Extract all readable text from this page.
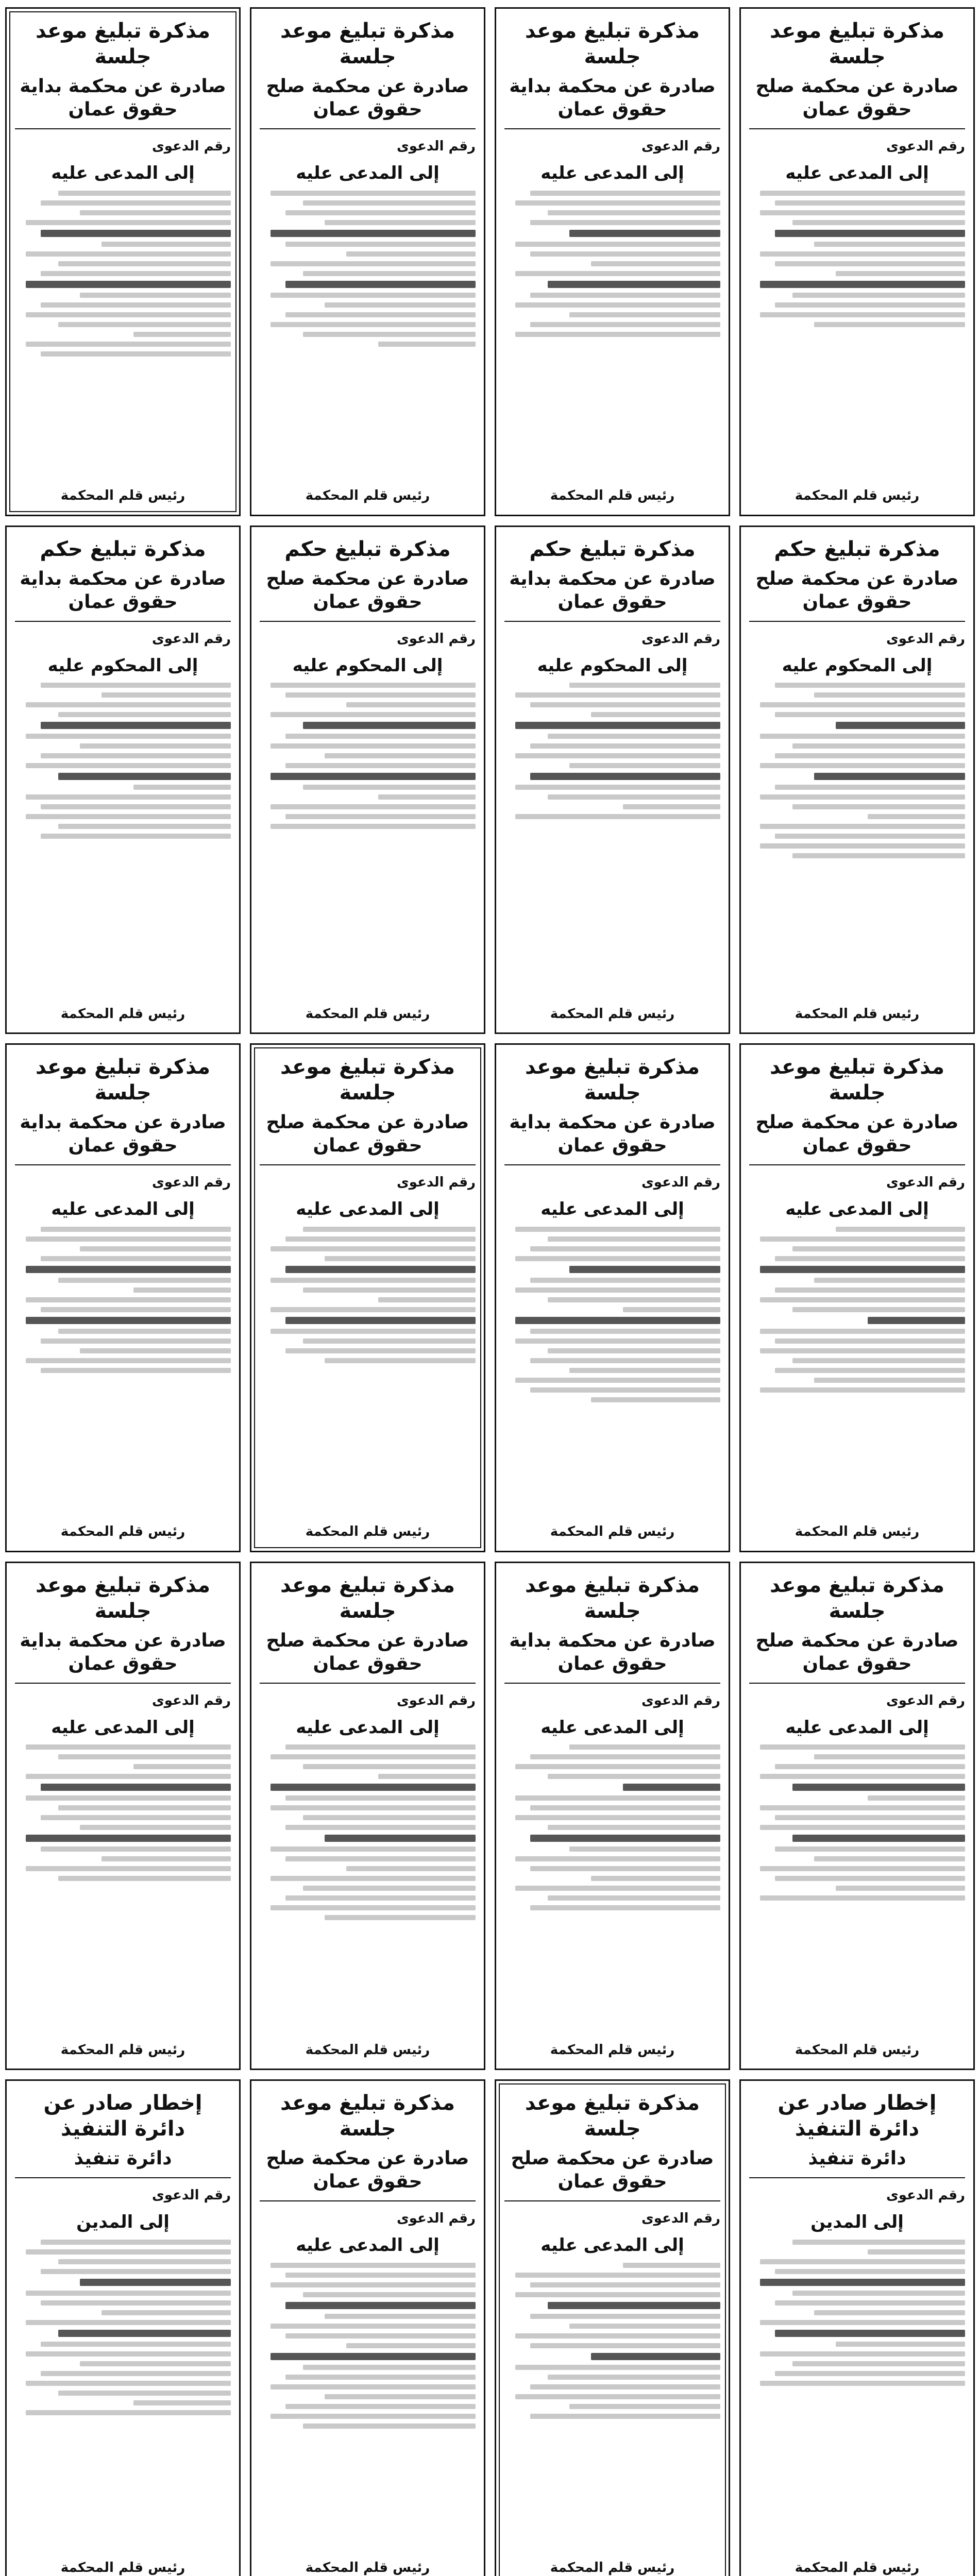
مذكرة تبليغ موعد جلسة
صادرة عن محكمة صلح حقوق عمان
رقم الدعوى
إلى المدعى عليه
رئيس قلم المحكمة
مذكرة تبليغ موعد جلسة
صادرة عن محكمة بداية حقوق عمان
رقم الدعوى
إلى المدعى عليه
رئيس قلم المحكمة
مذكرة تبليغ موعد جلسة
صادرة عن محكمة صلح حقوق عمان
رقم الدعوى
إلى المدعى عليه
رئيس قلم المحكمة
مذكرة تبليغ موعد جلسة
صادرة عن محكمة بداية حقوق عمان
رقم الدعوى
إلى المدعى عليه
رئيس قلم المحكمة
مذكرة تبليغ حكم
صادرة عن محكمة صلح حقوق عمان
رقم الدعوى
إلى المحكوم عليه
رئيس قلم المحكمة
مذكرة تبليغ حكم
صادرة عن محكمة بداية حقوق عمان
رقم الدعوى
إلى المحكوم عليه
رئيس قلم المحكمة
مذكرة تبليغ حكم
صادرة عن محكمة صلح حقوق عمان
رقم الدعوى
إلى المحكوم عليه
رئيس قلم المحكمة
مذكرة تبليغ حكم
صادرة عن محكمة بداية حقوق عمان
رقم الدعوى
إلى المحكوم عليه
رئيس قلم المحكمة
مذكرة تبليغ موعد جلسة
صادرة عن محكمة صلح حقوق عمان
رقم الدعوى
إلى المدعى عليه
رئيس قلم المحكمة
مذكرة تبليغ موعد جلسة
صادرة عن محكمة بداية حقوق عمان
رقم الدعوى
إلى المدعى عليه
رئيس قلم المحكمة
مذكرة تبليغ موعد جلسة
صادرة عن محكمة صلح حقوق عمان
رقم الدعوى
إلى المدعى عليه
رئيس قلم المحكمة
مذكرة تبليغ موعد جلسة
صادرة عن محكمة بداية حقوق عمان
رقم الدعوى
إلى المدعى عليه
رئيس قلم المحكمة
مذكرة تبليغ موعد جلسة
صادرة عن محكمة صلح حقوق عمان
رقم الدعوى
إلى المدعى عليه
رئيس قلم المحكمة
مذكرة تبليغ موعد جلسة
صادرة عن محكمة بداية حقوق عمان
رقم الدعوى
إلى المدعى عليه
رئيس قلم المحكمة
مذكرة تبليغ موعد جلسة
صادرة عن محكمة صلح حقوق عمان
رقم الدعوى
إلى المدعى عليه
رئيس قلم المحكمة
مذكرة تبليغ موعد جلسة
صادرة عن محكمة بداية حقوق عمان
رقم الدعوى
إلى المدعى عليه
رئيس قلم المحكمة
إخطار صادر عن دائرة التنفيذ
دائرة تنفيذ
رقم الدعوى
إلى المدين
رئيس قلم المحكمة
مذكرة تبليغ موعد جلسة
صادرة عن محكمة صلح حقوق عمان
رقم الدعوى
إلى المدعى عليه
رئيس قلم المحكمة
مذكرة تبليغ موعد جلسة
صادرة عن محكمة صلح حقوق عمان
رقم الدعوى
إلى المدعى عليه
رئيس قلم المحكمة
إخطار صادر عن دائرة التنفيذ
دائرة تنفيذ
رقم الدعوى
إلى المدين
رئيس قلم المحكمة
